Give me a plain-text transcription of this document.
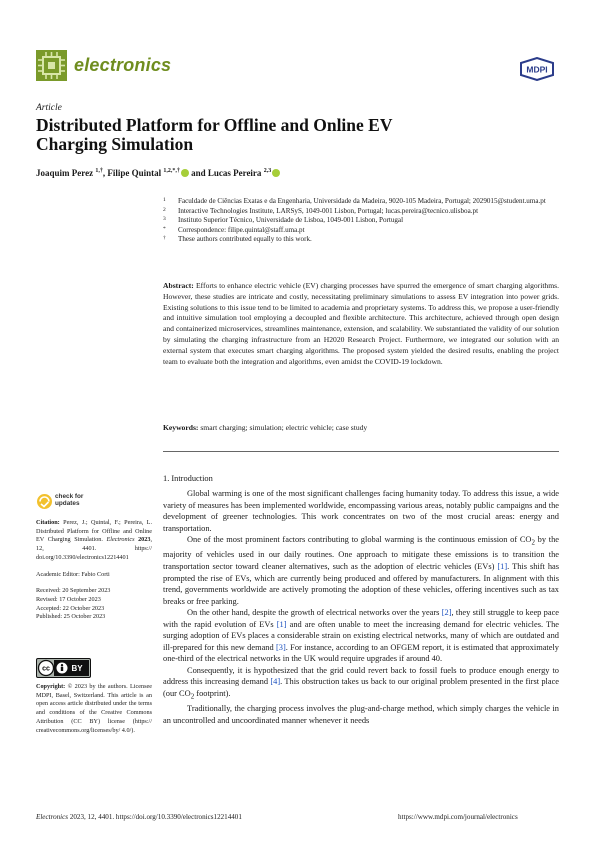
electronics	MDPI
Article
Distributed Platform for Offline and Online EV Charging Simulation
Joaquim Perez $^{1,\dagger}$, Filipe Quintal $^{1,2,*,\dagger}$ and Lucas Pereira $^{2,3}$
1	Faculdade de Ciências Exatas e da Engenharia, Universidade da Madeira, 9020-105 Madeira, Portugal; 2029015@student.uma.pt
2	Interactive Technologies Institute, LARSyS, 1049-001 Lisbon, Portugal; lucas.pereira@tecnico.ulisboa.pt
3	Instituto Superior Técnico, Universidade de Lisboa, 1049-001 Lisbon, Portugal
*	Correspondence: filipe.quintal@staff.uma.pt
†	These authors contributed equally to this work.
Abstract: Efforts to enhance electric vehicle (EV) charging processes have spurred the emergence of smart charging algorithms. However, these studies are intricate and costly, necessitating preliminary simulations to assess EV integration into power grids. Existing solutions to this issue tend to be limited to academia and proprietary systems. To address this, we propose a user-friendly and intuitive simulation tool employing a decoupled and flexible architecture. This architecture, achieved through open design and containerized microservices, streamlines maintenance, extension, and scalability. We substantiated the validity of our solution by simulating the charging infrastructure from an H2020 Research Project. Furthermore, we integrated our solution with an external system that executes smart charging algorithms. The proposed system yielded the desired results, enabling the project team to evaluate both the integration and algorithms, even amidst the COVID-19 lockdown.
Keywords: smart charging; simulation; electric vehicle; case study
1. Introduction

Global warming is one of the most significant challenges facing humanity today. To address this issue, a wide variety of measures has been implemented worldwide, encompassing various areas, notably public campaigns and the development of greener technologies. This work concentrates on two of the most crucial areas: energy and transportation.

One of the most prominent factors contributing to global warming is the continuous emission of $CO_2$ by the majority of vehicles used in our daily routines. One approach to mitigate these emissions is to transition the transportation sector toward cleaner alternatives, such as the adoption of electric vehicles (EVs) [1]. This shift has prompted the rise of EVs, which are currently being produced and offered by manufacturers. In alignment with this trend, governments worldwide are actively promoting the adoption of these vehicles, offering incentives such as tax breaks or free parking.

On the other hand, despite the growth of electrical networks over the years [2], they still struggle to keep pace with the rapid evolution of EVs [1] and are often unable to meet the increasing demand for electric vehicles. The surging adoption of EVs places a considerable strain on existing electrical networks, many of which are outdated and ill-prepared for this new demand [3]. For instance, according to an OFGEM report, it is estimated that approximately one-third of the electrical networks in the UK would require upgrades if around 40.

Consequently, it is hypothesized that the grid could revert back to fossil fuels to produce enough energy to address this increasing demand [4]. This obstruction takes us back to our original problem presented in the first place (our $CO_2$ footprint).

Traditionally, the charging process involves the plug-and-charge method, which simply charges the vehicle in an uncontrolled and uncoordinated manner whenever it needs

check for
updates
Citation: Perez, J.; Quintal, F.; Pereira, L. Distributed Platform for Offline and Online EV Charging Simulation. Electronics 2023, 12, 4401. https:// doi.org/10.3390/electronics12214401
Academic Editor: Fabio Corti
Received: 20 September 2023
Revised: 17 October 2023
Accepted: 22 October 2023
Published: 25 October 2023
cc	BY
Copyright: © 2023 by the authors. Licensee MDPI, Basel, Switzerland. This article is an open access article distributed under the terms and conditions of the Creative Commons Attribution (CC BY) license (https:// creativecommons.org/licenses/by/ 4.0/).
Electronics 2023, 12, 4401. https://doi.org/10.3390/electronics12214401	https://www.mdpi.com/journal/electronics
